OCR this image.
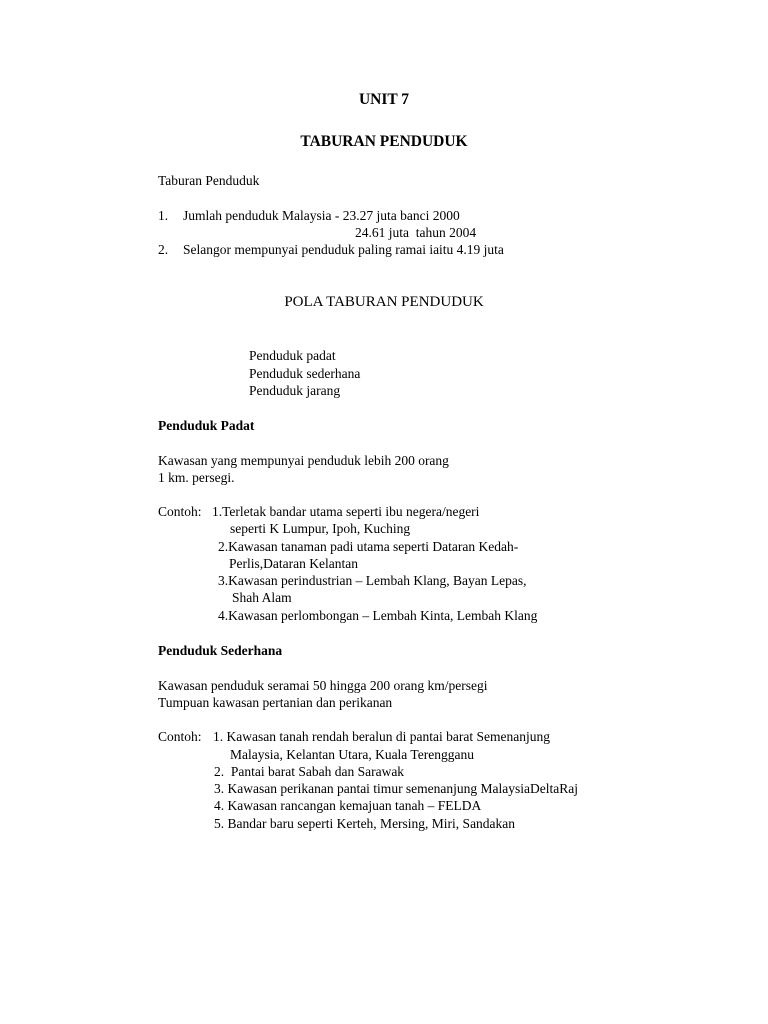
UNIT 7
TABURAN PENDUDUK
Taburan Penduduk
1. Jumlah penduduk Malaysia - 23.27 juta banci 2000
24.61 juta  tahun 2004
2. Selangor mempunyai penduduk paling ramai iaitu 4.19 juta
POLA TABURAN PENDUDUK
Penduduk padat
Penduduk sederhana
Penduduk jarang
Penduduk Padat
Kawasan yang mempunyai penduduk lebih 200 orang
1 km. persegi.
Contoh: 1.Terletak bandar utama seperti ibu negera/negeri
seperti K Lumpur, Ipoh, Kuching
2.Kawasan tanaman padi utama seperti Dataran Kedah-
Perlis,Dataran Kelantan
3.Kawasan perindustrian – Lembah Klang, Bayan Lepas,
Shah Alam
4.Kawasan perlombongan – Lembah Kinta, Lembah Klang
Penduduk Sederhana
Kawasan penduduk seramai 50 hingga 200 orang km/persegi
Tumpuan kawasan pertanian dan perikanan
Contoh: 1. Kawasan tanah rendah beralun di pantai barat Semenanjung
Malaysia, Kelantan Utara, Kuala Terengganu
2.  Pantai barat Sabah dan Sarawak
3. Kawasan perikanan pantai timur semenanjung MalaysiaDeltaRaj
4. Kawasan rancangan kemajuan tanah – FELDA
5. Bandar baru seperti Kerteh, Mersing, Miri, Sandakan
